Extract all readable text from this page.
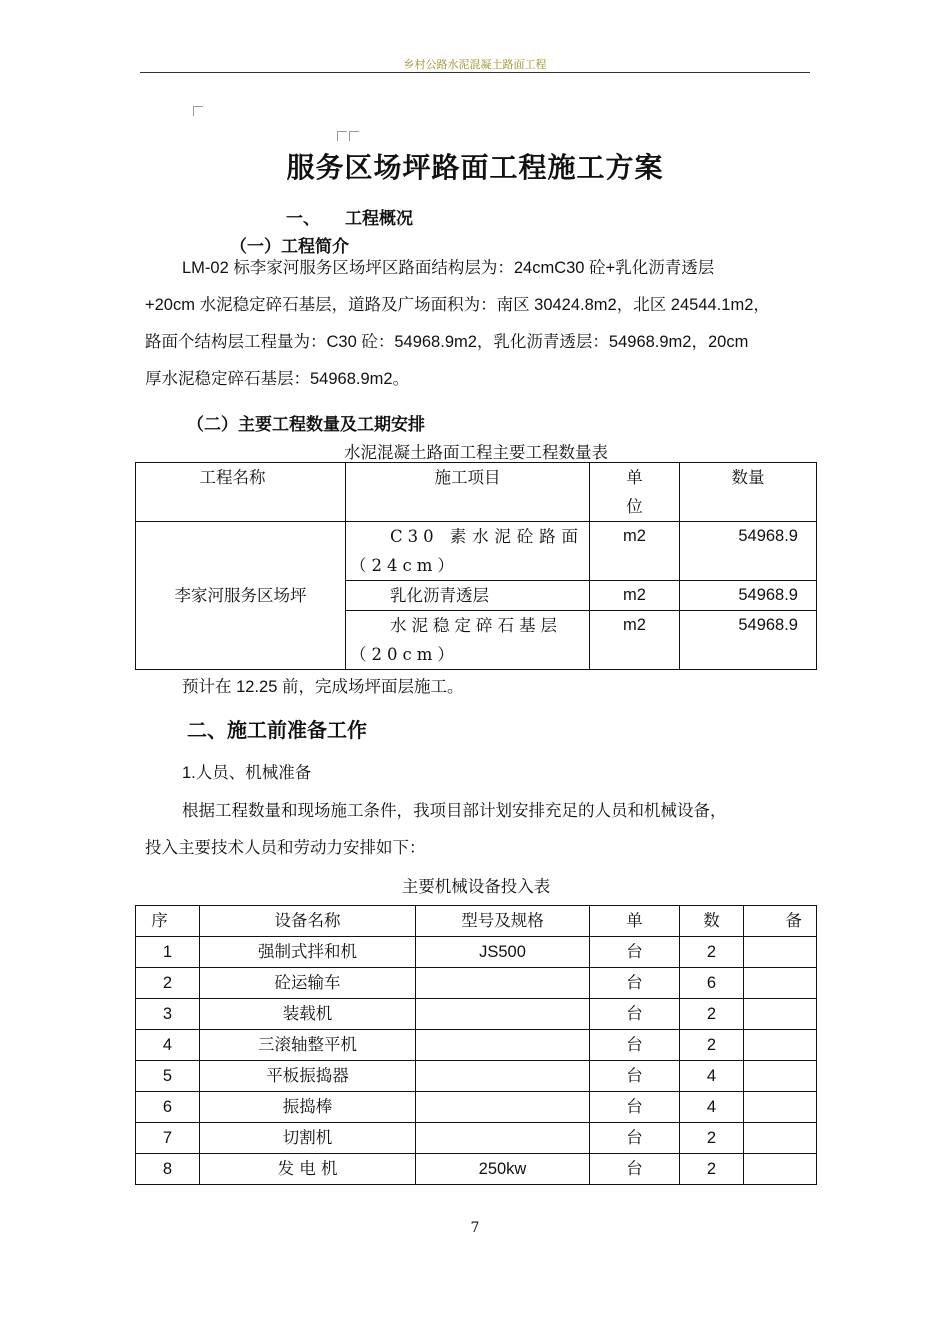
乡村公路水泥混凝土路面工程
服务区场坪路面工程施工方案
一、 工程概况
（一）工程简介
LM-02 标李家河服务区场坪区路面结构层为：24cmC30 砼+乳化沥青透层
+20cm 水泥稳定碎石基层，道路及广场面积为：南区 30424.8m2，北区 24544.1m2，
路面个结构层工程量为：C30 砼：54968.9m2，乳化沥青透层：54968.9m2，20cm
厚水泥稳定碎石基层：54968.9m2。
（二）主要工程数量及工期安排
水泥混凝土路面工程主要工程数量表
工程名称	施工项目	单位	数量
李家河服务区场坪	C30 素水泥砼路面（24cm）	m2	54968.9
	乳化沥青透层	m2	54968.9
	水泥稳定碎石基层（20cm）	m2	54968.9
预计在 12.25 前，完成场坪面层施工。
二、施工前准备工作
1.人员、机械准备
根据工程数量和现场施工条件，我项目部计划安排充足的人员和机械设备，
投入主要技术人员和劳动力安排如下：
主要机械设备投入表
序	设备名称	型号及规格	单	数	备
1	强制式拌和机	JS500	台	2	
2	砼运输车		台	6	
3	装载机		台	2	
4	三滚轴整平机		台	2	
5	平板振捣器		台	4	
6	振捣棒		台	4	
7	切割机		台	2	
8	发 电 机	250kw	台	2	
7
